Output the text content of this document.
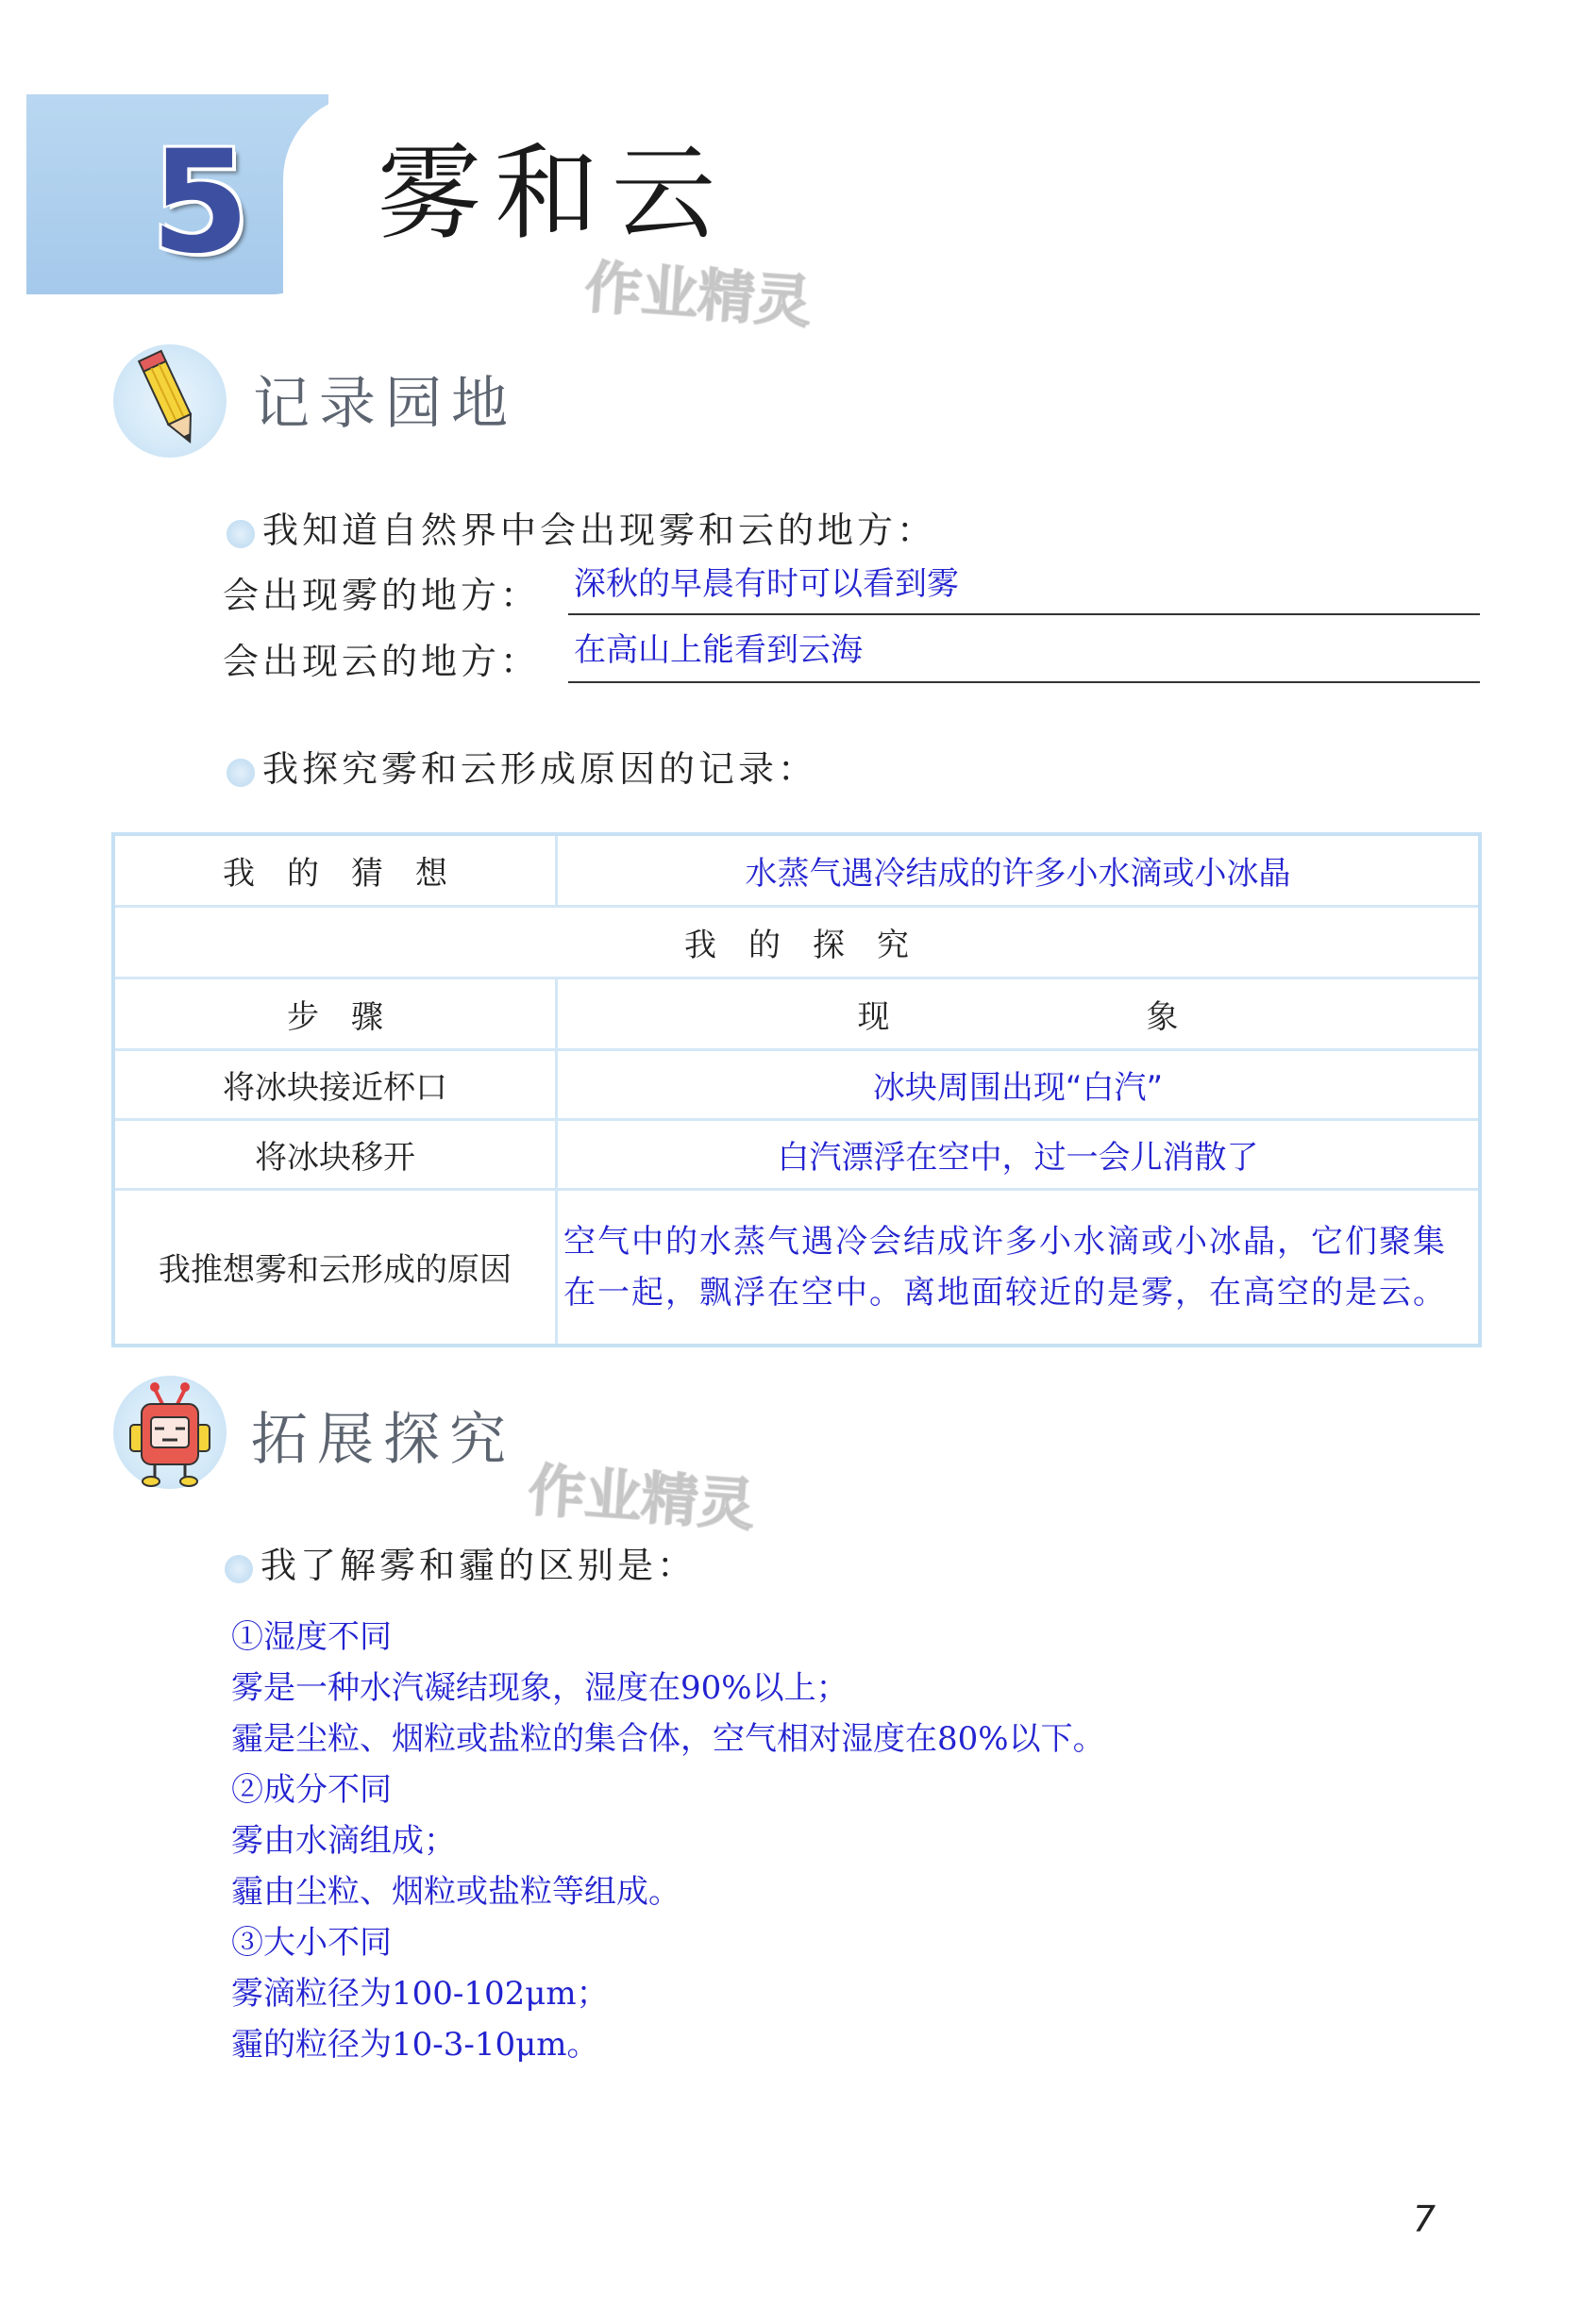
5 雾和云
作业精灵
记录园地
我知道自然界中会出现雾和云的地方：
会出现雾的地方： 深秋的早晨有时可以看到雾
会出现云的地方： 在高山上能看到云海
我探究雾和云形成原因的记录：
我　的　猜　想	水蒸气遇冷结成的许多小水滴或小冰晶
我　的　探　究	
步　骤	现　　　　　　　　象
将冰块接近杯口	冰块周围出现“白汽”
将冰块移开	白汽漂浮在空中，过一会儿消散了
我推想雾和云形成的原因	空气中的水蒸气遇冷会结成许多小水滴或小冰晶，它们聚集在一起，飘浮在空中。离地面较近的是雾，在高空的是云。
拓展探究
作业精灵
我了解雾和霾的区别是：
①湿度不同
雾是一种水汽凝结现象，湿度在90%以上；
霾是尘粒、烟粒或盐粒的集合体，空气相对湿度在80%以下。
②成分不同
雾由水滴组成；
霾由尘粒、烟粒或盐粒等组成。
③大小不同
雾滴粒径为100-102μm；
霾的粒径为10-3-10μm。
7
